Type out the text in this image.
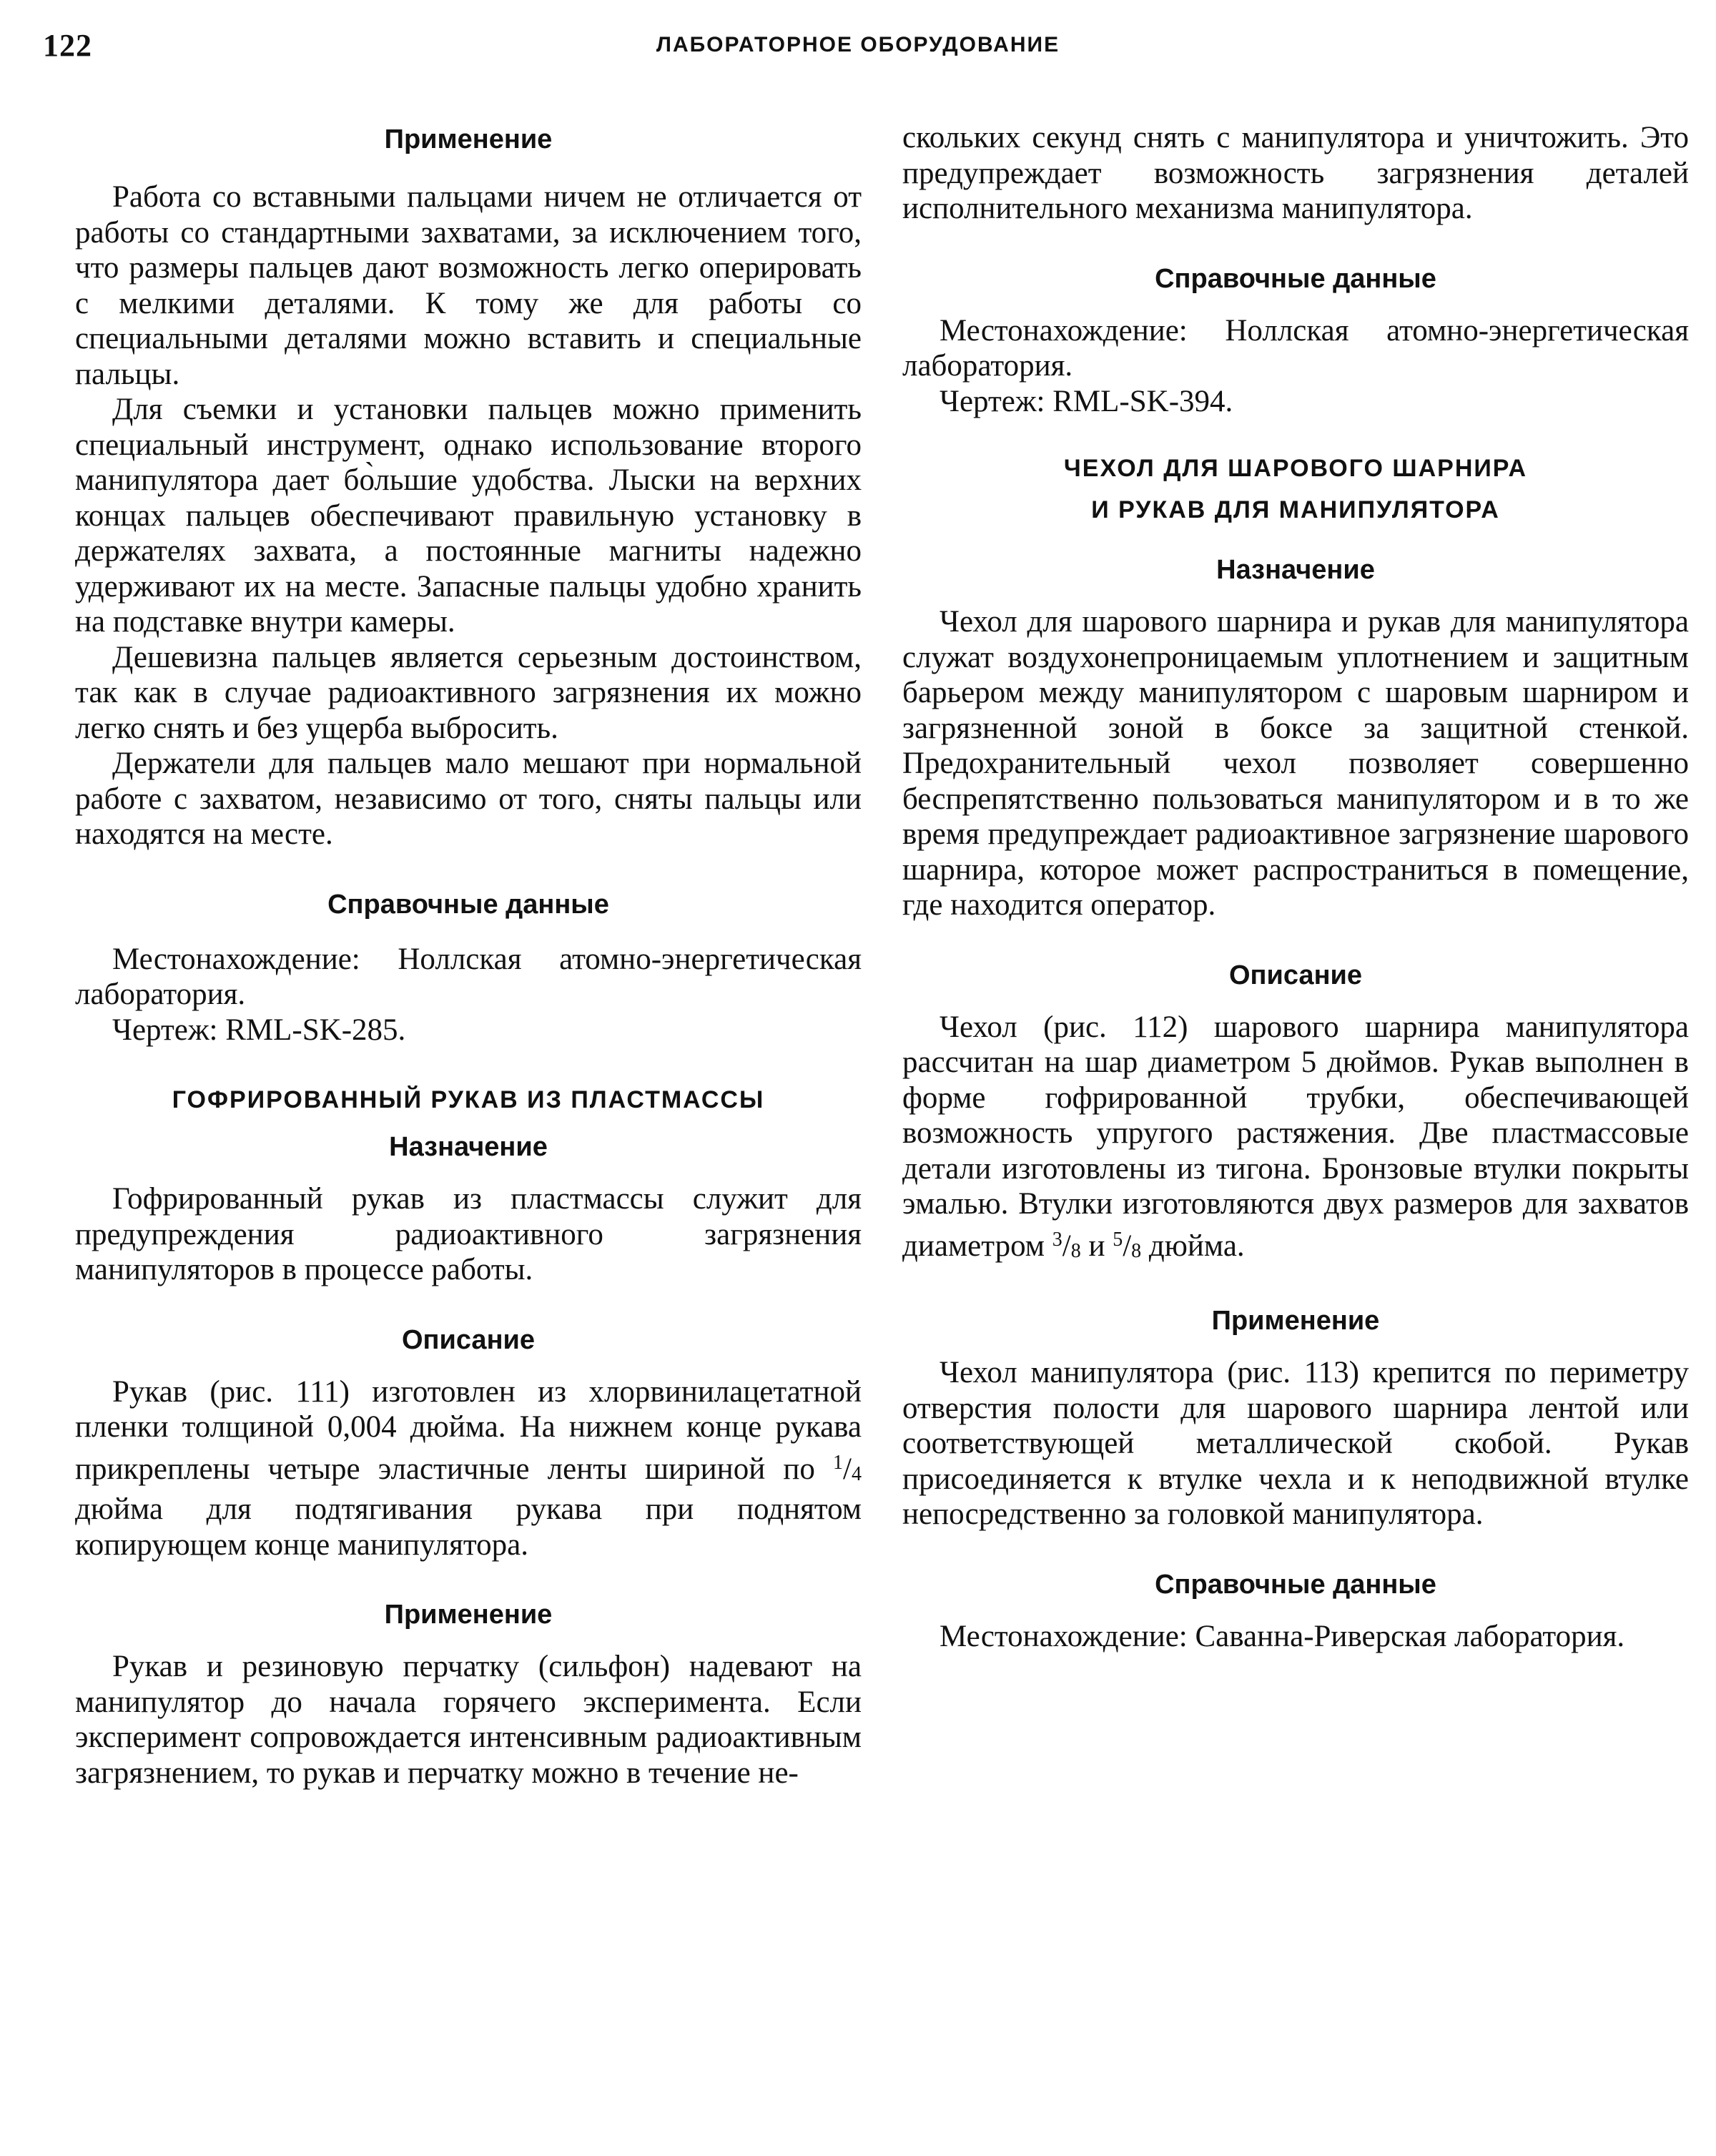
122	ЛАБОРАТОРНОЕ ОБОРУДОВАНИЕ
Применение

Работа со вставными пальцами ничем не отличается от работы со стандартными захватами, за исключением того, что размеры пальцев дают возможность легко оперировать с мелкими деталями. К тому же для работы со специальными деталями можно вставить и специальные пальцы.

Для съемки и установки пальцев можно применить специальный инструмент, однако использование второго манипулятора дает бо̀льшие удобства. Лыски на верхних концах пальцев обеспечивают правильную установку в держателях захвата, а постоянные магниты надежно удерживают их на месте. Запасные пальцы удобно хранить на подставке внутри камеры.

Дешевизна пальцев является серьезным достоинством, так как в случае радиоактивного загрязнения их можно легко снять и без ущерба выбросить.

Держатели для пальцев мало мешают при нормальной работе с захватом, независимо от того, сняты пальцы или находятся на месте.

Справочные данные

Местонахождение: Ноллская атомно-энергетическая лаборатория.

Чертеж: RML-SK-285.

ГОФРИРОВАННЫЙ РУКАВ ИЗ ПЛАСТМАССЫ
Назначение

Гофрированный рукав из пластмассы служит для предупреждения радиоактивного загрязнения манипуляторов в процессе работы.

Описание

Рукав (рис. 111) изготовлен из хлорвинилацетатной пленки толщиной 0,004 дюйма. На нижнем конце рукава прикреплены четыре эластичные ленты шириной по $^1$/4 дюйма для подтягивания рукава при поднятом копирующем конце манипулятора.

Применение

Рукав и резиновую перчатку (сильфон) надевают на манипулятор до начала горячего эксперимента. Если эксперимент сопровождается интенсивным радиоактивным загрязнением, то рукав и перчатку можно в течение не-

скольких секунд снять с манипулятора и уничтожить. Это предупреждает возможность загрязнения деталей исполнительного механизма манипулятора.

Справочные данные

Местонахождение: Ноллская атомно-энергетическая лаборатория.

Чертеж: RML-SK-394.

ЧЕХОЛ ДЛЯ ШАРОВОГО ШАРНИРА
И РУКАВ ДЛЯ МАНИПУЛЯТОРА
Назначение

Чехол для шарового шарнира и рукав для манипулятора служат воздухонепроницаемым уплотнением и защитным барьером между манипулятором с шаровым шарниром и загрязненной зоной в боксе за защитной стенкой. Предохранительный чехол позволяет совершенно беспрепятственно пользоваться манипулятором и в то же время предупреждает радиоактивное загрязнение шарового шарнира, которое может распространиться в помещение, где находится оператор.

Описание

Чехол (рис. 112) шарового шарнира манипулятора рассчитан на шар диаметром 5 дюймов. Рукав выполнен в форме гофрированной трубки, обеспечивающей возможность упругого растяжения. Две пластмассовые детали изготовлены из тигона. Бронзовые втулки покрыты эмалью. Втулки изготовляются двух размеров для захватов диаметром $^3$/8 и $^5$/8 дюйма.

Применение

Чехол манипулятора (рис. 113) крепится по периметру отверстия полости для шарового шарнира лентой или соответствующей металлической скобой. Рукав присоединяется к втулке чехла и к неподвижной втулке непосредственно за головкой манипулятора.

Справочные данные

Местонахождение: Саванна-Риверская лаборатория.
